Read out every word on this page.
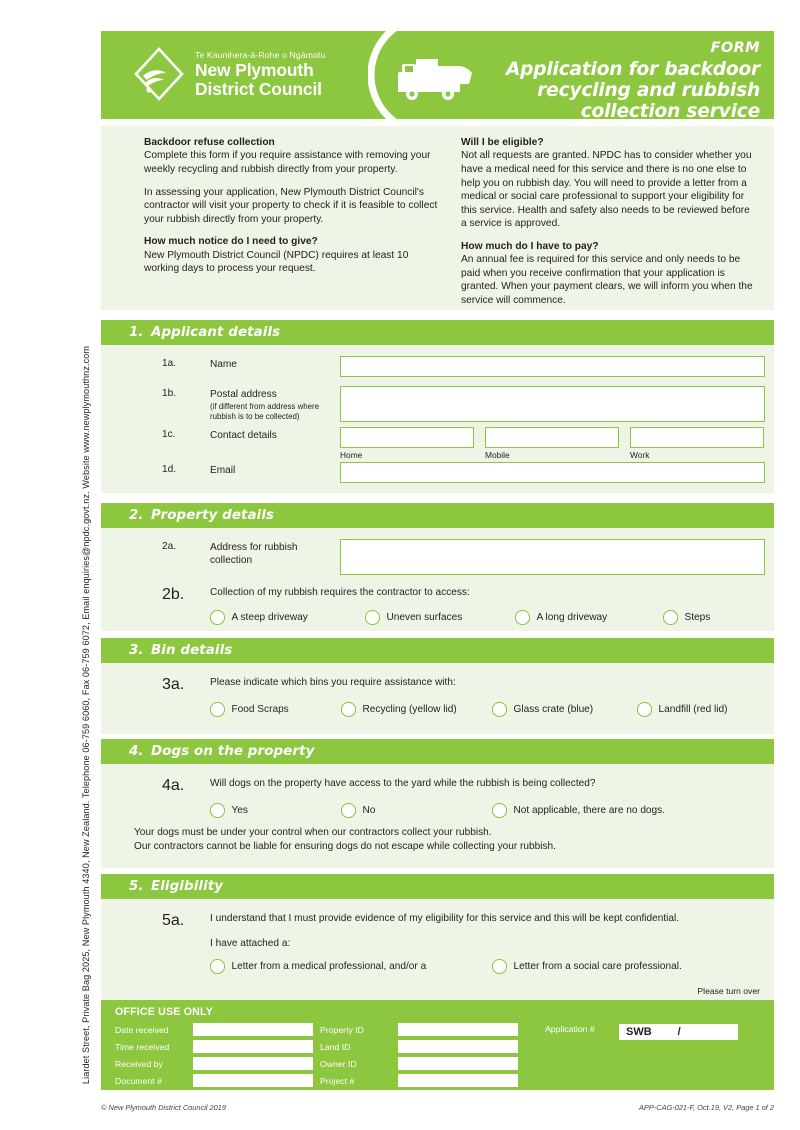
Liardet Street, Private Bag 2025, New Plymouth 4340, New Zealand. Telephone 06-759 6060, Fax 06-759 6072, Email enquiries@npdc.govt.nz. Website www.newplymouthnz.com
Te Kaunihera-ā-Rohe o Ngāmotu
New Plymouth
District Council
FORM
Application for backdoor
recycling and rubbish
collection service
Backdoor refuse collection

Complete this form if you require assistance with removing your weekly recycling and rubbish directly from your property.

In assessing your application, New Plymouth District Council's contractor will visit your property to check if it is feasible to collect your rubbish directly from your property.

How much notice do I need to give?

New Plymouth District Council (NPDC) requires at least 10 working days to process your request.

Will I be eligible?

Not all requests are granted. NPDC has to consider whether you have a medical need for this service and there is no one else to help you on rubbish day. You will need to provide a letter from a medical or social care professional to support your eligibility for this service. Health and safety also needs to be reviewed before a service is approved.

How much do I have to pay?

An annual fee is required for this service and only needs to be paid when you receive confirmation that your application is granted. When your payment clears, we will inform you when the service will commence.

1. Applicant details
1a.	Name
1b.	Postal address
(if different from address where rubbish is to be collected)
1c.	Contact details
Home	Mobile	Work
1d.	Email
2. Property details
2a.	Address for rubbish
collection
2b.	Collection of my rubbish requires the contractor to access:
A steep driveway	Uneven surfaces	A long driveway	Steps
3. Bin details
3a.	Please indicate which bins you require assistance with:
Food Scraps	Recycling (yellow lid)	Glass crate (blue)	Landfill (red lid)
4. Dogs on the property
4a.	Will dogs on the property have access to the yard while the rubbish is being collected?
Yes	No	Not applicable, there are no dogs.
Your dogs must be under your control when our contractors collect your rubbish.
Our contractors cannot be liable for ensuring dogs do not escape while collecting your rubbish.
5. Eligibility
5a.	I understand that I must provide evidence of my eligibility for this service and this will be kept confidential.
I have attached a:
Letter from a medical professional, and/or a	Letter from a social care professional.
Please turn over
OFFICE USE ONLY
Date received
Time received
Received by
Document #
Property ID
Land ID
Owner ID
Project #
Application #	SWB /
© New Plymouth District Council 2019	APP-CAG-021-F, Oct.19, V2, Page 1 of 2
